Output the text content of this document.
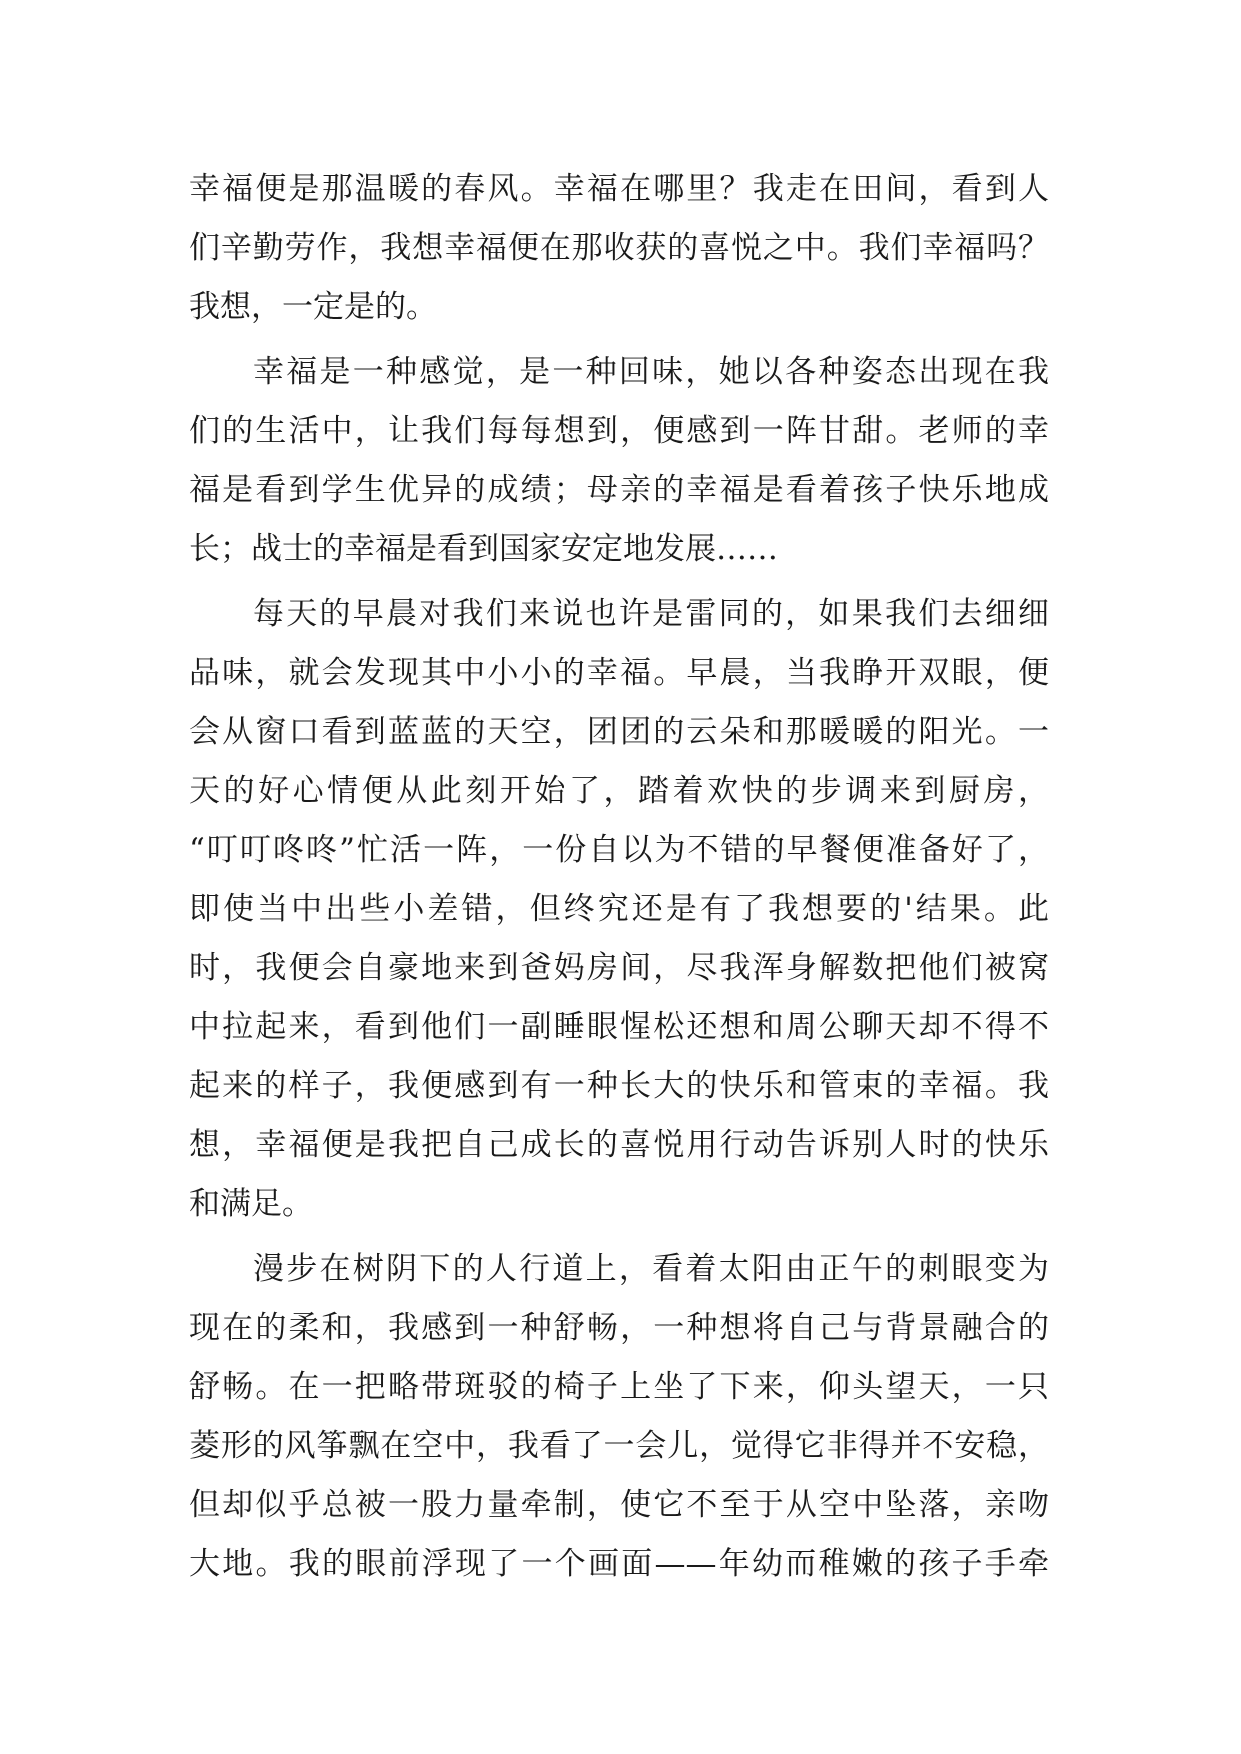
幸福便是那温暖的春风。幸福在哪里？我走在田间，看到人
们辛勤劳作，我想幸福便在那收获的喜悦之中。我们幸福吗？
我想，一定是的。
幸福是一种感觉，是一种回味，她以各种姿态出现在我
们的生活中，让我们每每想到，便感到一阵甘甜。老师的幸
福是看到学生优异的成绩；母亲的幸福是看着孩子快乐地成
长；战士的幸福是看到国家安定地发展……
每天的早晨对我们来说也许是雷同的，如果我们去细细
品味，就会发现其中小小的幸福。早晨，当我睁开双眼，便
会从窗口看到蓝蓝的天空，团团的云朵和那暖暖的阳光。一
天的好心情便从此刻开始了，踏着欢快的步调来到厨房，
“叮叮咚咚”忙活一阵，一份自以为不错的早餐便准备好了，
即使当中出些小差错，但终究还是有了我想要的'结果。此
时，我便会自豪地来到爸妈房间，尽我浑身解数把他们被窝
中拉起来，看到他们一副睡眼惺松还想和周公聊天却不得不
起来的样子，我便感到有一种长大的快乐和管束的幸福。我
想，幸福便是我把自己成长的喜悦用行动告诉别人时的快乐
和满足。
漫步在树阴下的人行道上，看着太阳由正午的刺眼变为
现在的柔和，我感到一种舒畅，一种想将自己与背景融合的
舒畅。在一把略带斑驳的椅子上坐了下来，仰头望天，一只
菱形的风筝飘在空中，我看了一会儿，觉得它非得并不安稳，
但却似乎总被一股力量牵制，使它不至于从空中坠落，亲吻
大地。我的眼前浮现了一个画面——年幼而稚嫩的孩子手牵
